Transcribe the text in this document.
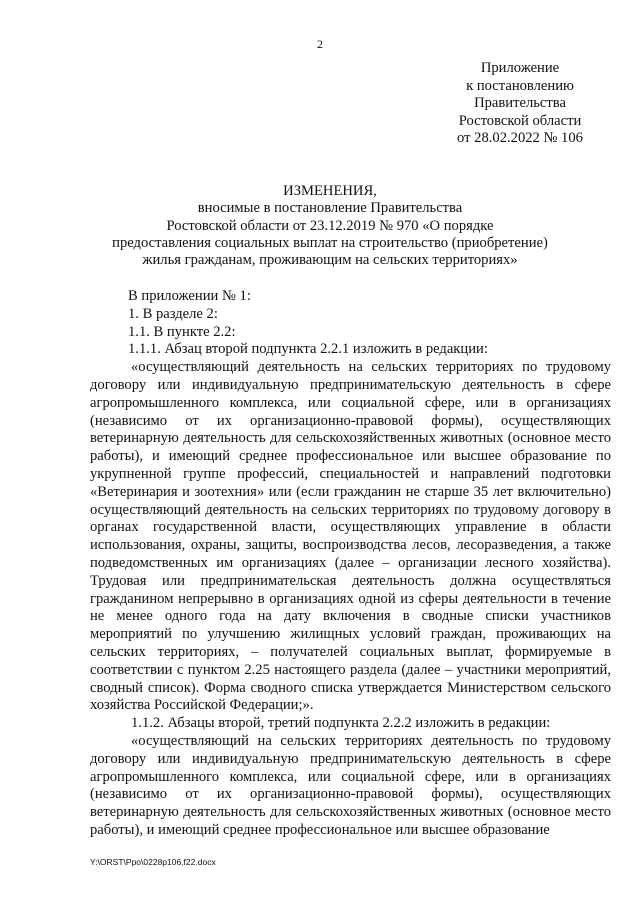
2
Приложение
к постановлению
Правительства
Ростовской области
от 28.02.2022 № 106
ИЗМЕНЕНИЯ,
вносимые в постановление Правительства
Ростовской области от 23.12.2019 № 970 «О порядке
предоставления социальных выплат на строительство (приобретение)
жилья гражданам, проживающим на сельских территориях»

В приложении № 1:

1. В разделе 2:

1.1. В пункте 2.2:

1.1.1. Абзац второй подпункта 2.2.1 изложить в редакции:

«осуществляющий деятельность на сельских территориях по трудовому договору или индивидуальную предпринимательскую деятельность в сфере агропромышленного комплекса, или социальной сфере, или в организациях (независимо от их организационно-правовой формы), осуществляющих ветеринарную деятельность для сельскохозяйственных животных (основное место работы), и имеющий среднее профессиональное или высшее образование по укрупненной группе профессий, специальностей и направлений подготовки «Ветеринария и зоотехния» или (если гражданин не старше 35 лет включительно) осуществляющий деятельность на сельских территориях по трудовому договору в органах государственной власти, осуществляющих управление в области использования, охраны, защиты, воспроизводства лесов, лесоразведения, а также подведомственных им организациях (далее – организации лесного хозяйства). Трудовая или предпринимательская деятельность должна осуществляться гражданином непрерывно в организациях одной из сферы деятельности в течение не менее одного года на дату включения в сводные списки участников мероприятий по улучшению жилищных условий граждан, проживающих на сельских территориях, – получателей социальных выплат, формируемые в соответствии с пунктом 2.25 настоящего раздела (далее – участники мероприятий, сводный список). Форма сводного списка утверждается Министерством сельского хозяйства Российской Федерации;».

1.1.2. Абзацы второй, третий подпункта 2.2.2 изложить в редакции:

«осуществляющий на сельских территориях деятельность по трудовому договору или индивидуальную предпринимательскую деятельность в сфере агропромышленного комплекса, или социальной сфере, или в организациях (независимо от их организационно-правовой формы), осуществляющих ветеринарную деятельность для сельскохозяйственных животных (основное место работы), и имеющий среднее профессиональное или высшее образование

Y:\ORST\Ppo\0228p106.f22.docx
